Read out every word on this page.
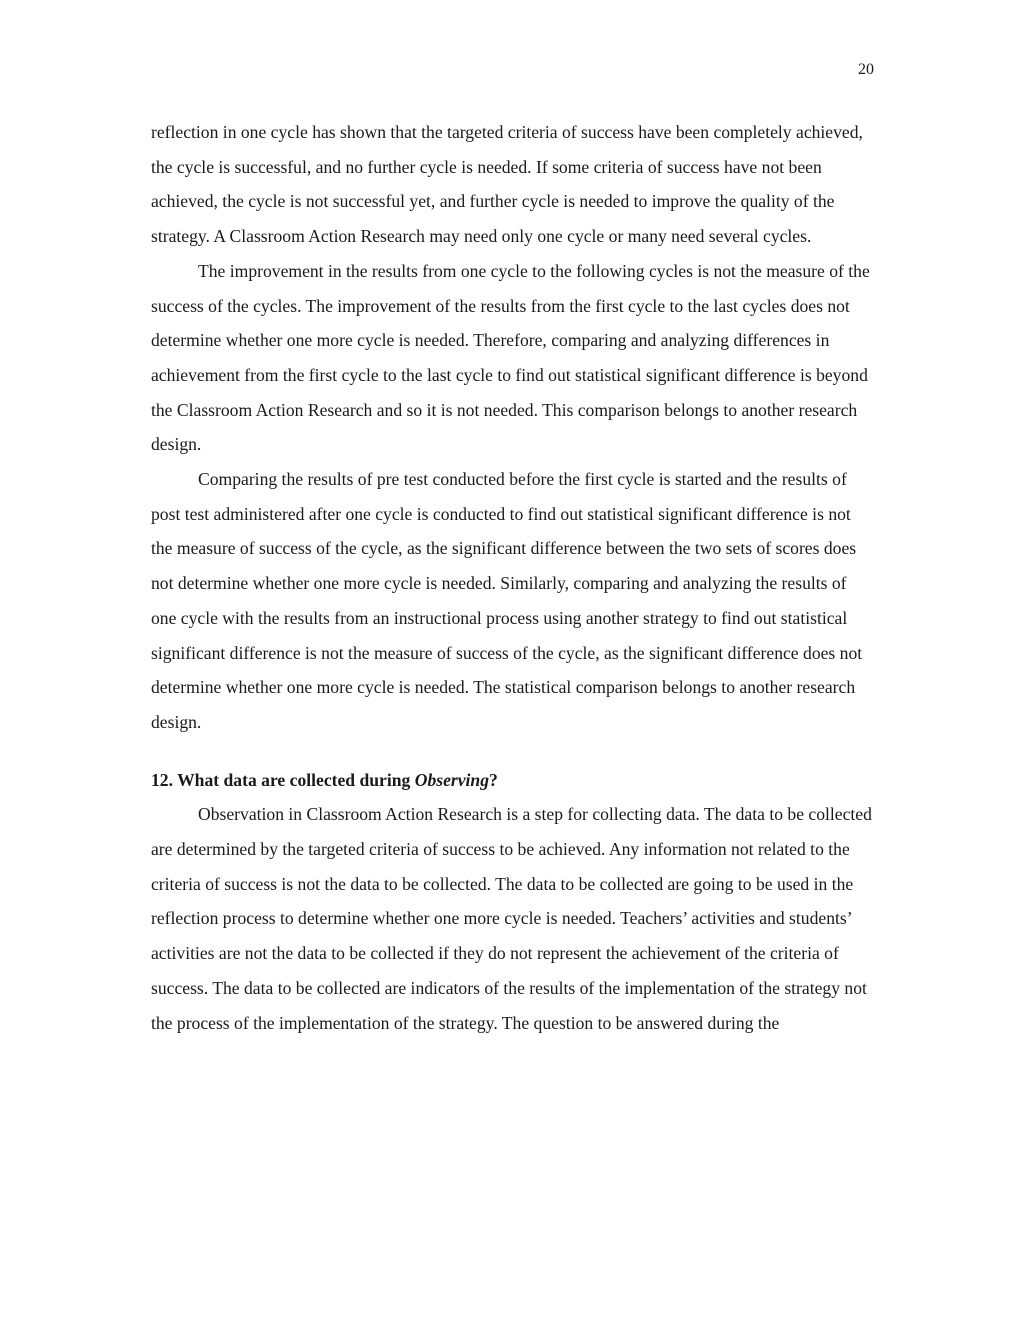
20

reflection in one cycle has shown that the targeted criteria of success have been completely achieved, the cycle is successful, and no further cycle is needed. If some criteria of success have not been achieved, the cycle is not successful yet, and further cycle is needed to improve the quality of the strategy. A Classroom Action Research may need only one cycle or many need several cycles.

The improvement in the results from one cycle to the following cycles is not the measure of the success of the cycles. The improvement of the results from the first cycle to the last cycles does not determine whether one more cycle is needed. Therefore, comparing and analyzing differences in achievement from the first cycle to the last cycle to find out statistical significant difference is beyond the Classroom Action Research and so it is not needed. This comparison belongs to another research design.

Comparing the results of pre test conducted before the first cycle is started and the results of post test administered after one cycle is conducted to find out statistical significant difference is not the measure of success of the cycle, as the significant difference between the two sets of scores does not determine whether one more cycle is needed. Similarly, comparing and analyzing the results of one cycle with the results from an instructional process using another strategy to find out statistical significant difference is not the measure of success of the cycle, as the significant difference does not determine whether one more cycle is needed. The statistical comparison belongs to another research design.

12. What data are collected during Observing?

Observation in Classroom Action Research is a step for collecting data. The data to be collected are determined by the targeted criteria of success to be achieved. Any information not related to the criteria of success is not the data to be collected. The data to be collected are going to be used in the reflection process to determine whether one more cycle is needed. Teachers’ activities and students’ activities are not the data to be collected if they do not represent the achievement of the criteria of success. The data to be collected are indicators of the results of the implementation of the strategy not the process of the implementation of the strategy. The question to be answered during the
